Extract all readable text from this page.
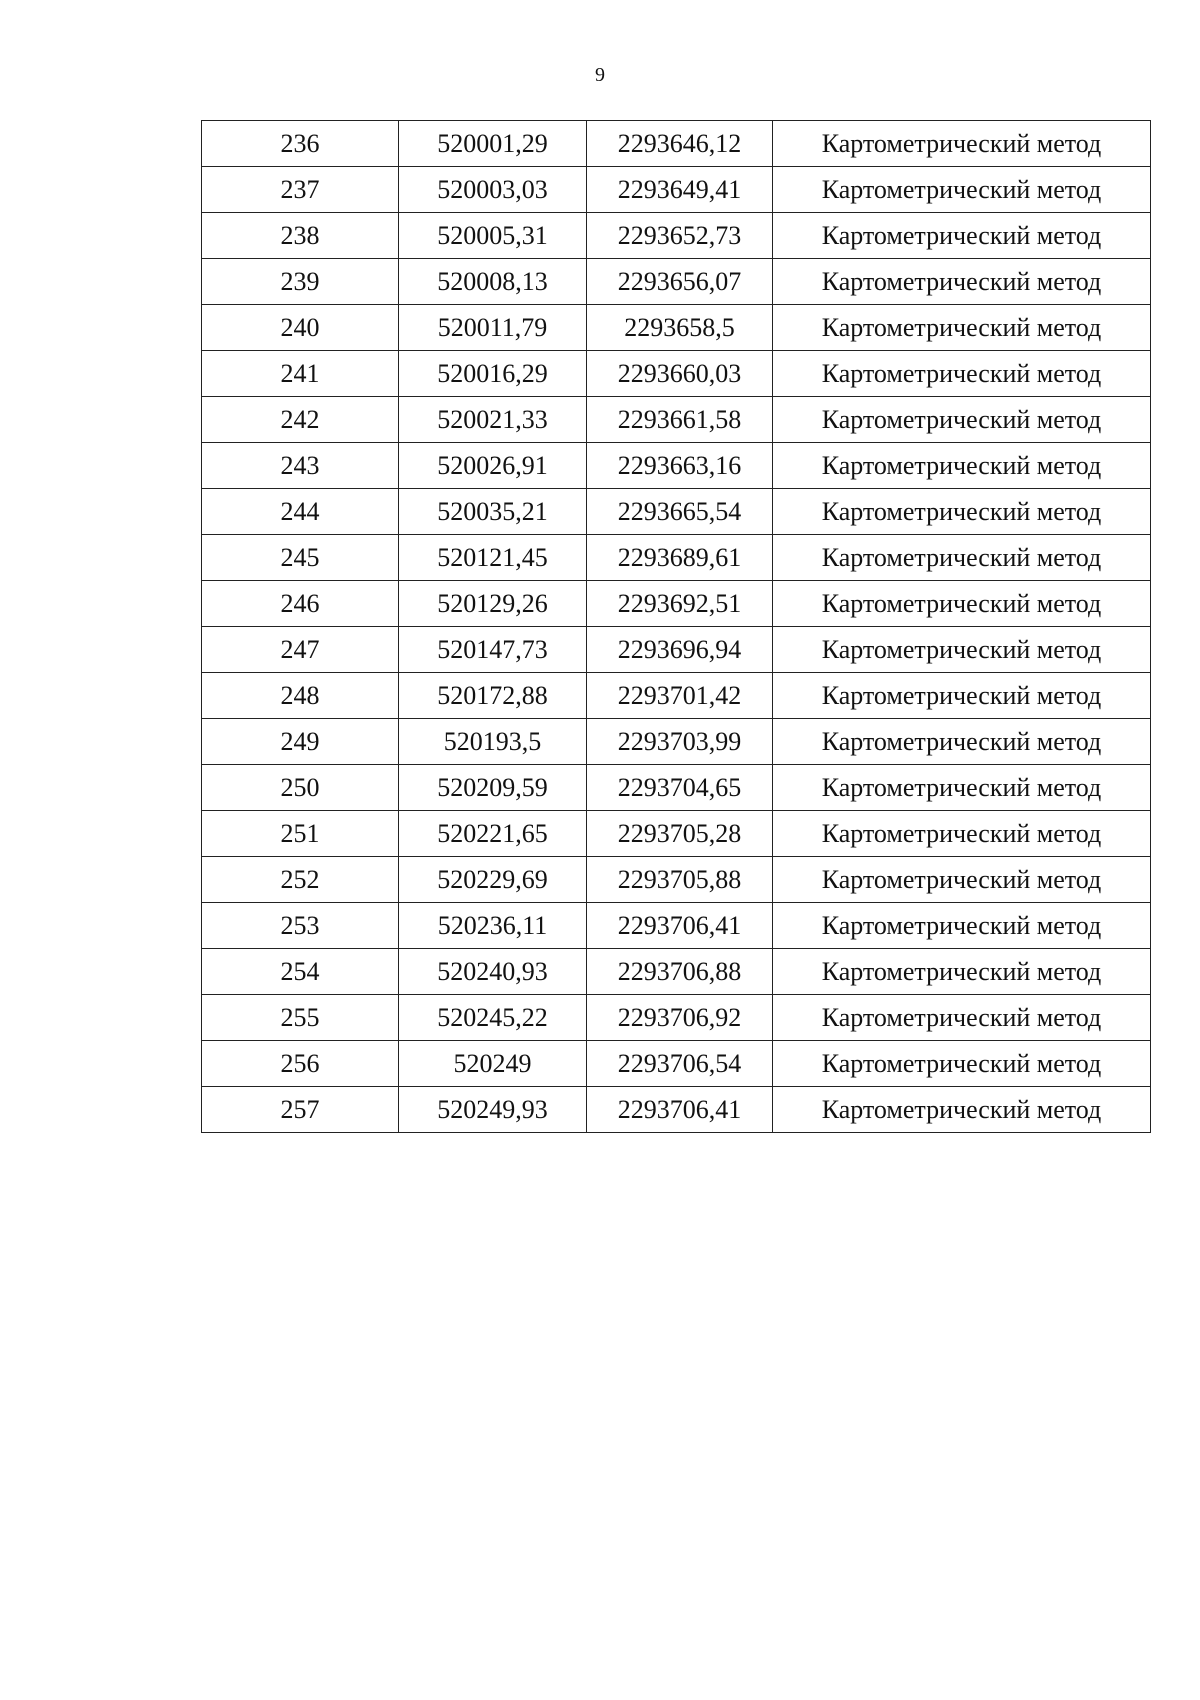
9
236	520001,29	2293646,12	Картометрический метод
237	520003,03	2293649,41	Картометрический метод
238	520005,31	2293652,73	Картометрический метод
239	520008,13	2293656,07	Картометрический метод
240	520011,79	2293658,5	Картометрический метод
241	520016,29	2293660,03	Картометрический метод
242	520021,33	2293661,58	Картометрический метод
243	520026,91	2293663,16	Картометрический метод
244	520035,21	2293665,54	Картометрический метод
245	520121,45	2293689,61	Картометрический метод
246	520129,26	2293692,51	Картометрический метод
247	520147,73	2293696,94	Картометрический метод
248	520172,88	2293701,42	Картометрический метод
249	520193,5	2293703,99	Картометрический метод
250	520209,59	2293704,65	Картометрический метод
251	520221,65	2293705,28	Картометрический метод
252	520229,69	2293705,88	Картометрический метод
253	520236,11	2293706,41	Картометрический метод
254	520240,93	2293706,88	Картометрический метод
255	520245,22	2293706,92	Картометрический метод
256	520249	2293706,54	Картометрический метод
257	520249,93	2293706,41	Картометрический метод
